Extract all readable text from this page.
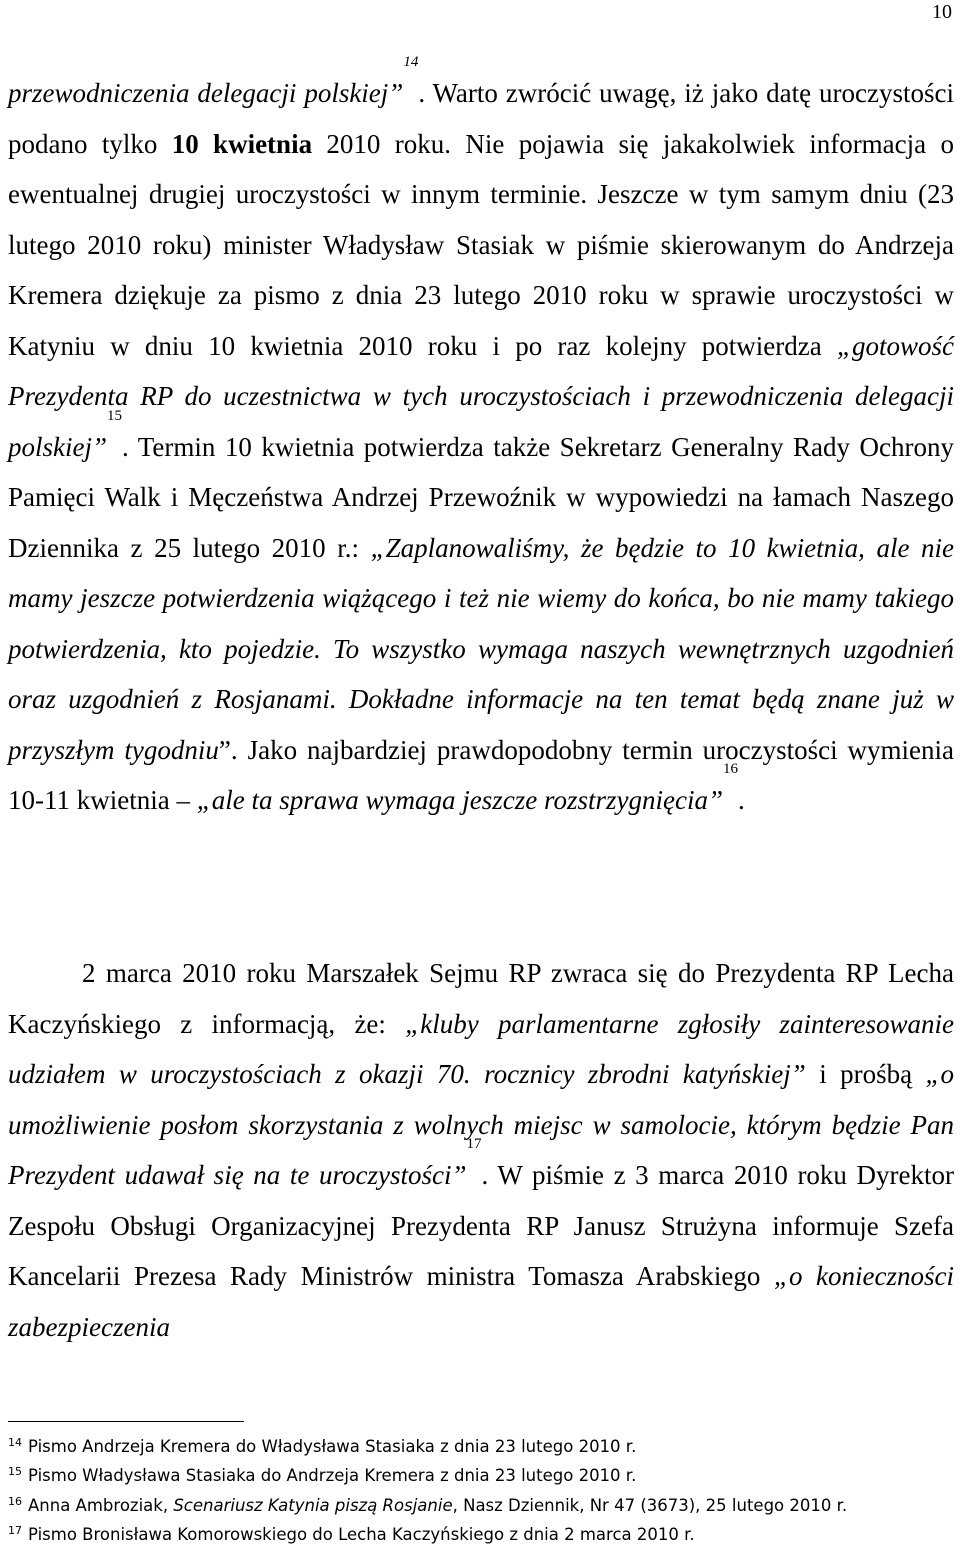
10
przewodniczenia delegacji polskiej”$^{14}$. Warto zwrócić uwagę, iż jako datę uroczystości podano tylko 10 kwietnia 2010 roku. Nie pojawia się jakakolwiek informacja o ewentualnej drugiej uroczystości w innym terminie. Jeszcze w tym samym dniu (23 lutego 2010 roku) minister Władysław Stasiak w piśmie skierowanym do Andrzeja Kremera dziękuje za pismo z dnia 23 lutego 2010 roku w sprawie uroczystości w Katyniu w dniu 10 kwietnia 2010 roku i po raz kolejny potwierdza „gotowość Prezydenta RP do uczestnictwa w tych uroczystościach i przewodniczenia delegacji polskiej”$^{15}$. Termin 10 kwietnia potwierdza także Sekretarz Generalny Rady Ochrony Pamięci Walk i Męczeństwa Andrzej Przewoźnik w wypowiedzi na łamach Naszego Dziennika z 25 lutego 2010 r.: „Zaplanowaliśmy, że będzie to 10 kwietnia, ale nie mamy jeszcze potwierdzenia wiążącego i też nie wiemy do końca, bo nie mamy takiego potwierdzenia, kto pojedzie. To wszystko wymaga naszych wewnętrznych uzgodnień oraz uzgodnień z Rosjanami. Dokładne informacje na ten temat będą znane już w przyszłym tygodniu”. Jako najbardziej prawdopodobny termin uroczystości wymienia 10-11 kwietnia – „ale ta sprawa wymaga jeszcze rozstrzygnięcia”$^{16}$.
2 marca 2010 roku Marszałek Sejmu RP zwraca się do Prezydenta RP Lecha Kaczyńskiego z informacją, że: „kluby parlamentarne zgłosiły zainteresowanie udziałem w uroczystościach z okazji 70. rocznicy zbrodni katyńskiej” i prośbą „o umożliwienie posłom skorzystania z wolnych miejsc w samolocie, którym będzie Pan Prezydent udawał się na te uroczystości”$^{17}$. W piśmie z 3 marca 2010 roku Dyrektor Zespołu Obsługi Organizacyjnej Prezydenta RP Janusz Strużyna informuje Szefa Kancelarii Prezesa Rady Ministrów ministra Tomasza Arabskiego „o konieczności zabezpieczenia
$^{14}$ Pismo Andrzeja Kremera do Władysława Stasiaka z dnia 23 lutego 2010 r.
$^{15}$ Pismo Władysława Stasiaka do Andrzeja Kremera z dnia 23 lutego 2010 r.
$^{16}$ Anna Ambroziak, Scenariusz Katynia piszą Rosjanie, Nasz Dziennik, Nr 47 (3673), 25 lutego 2010 r.
$^{17}$ Pismo Bronisława Komorowskiego do Lecha Kaczyńskiego z dnia 2 marca 2010 r.
